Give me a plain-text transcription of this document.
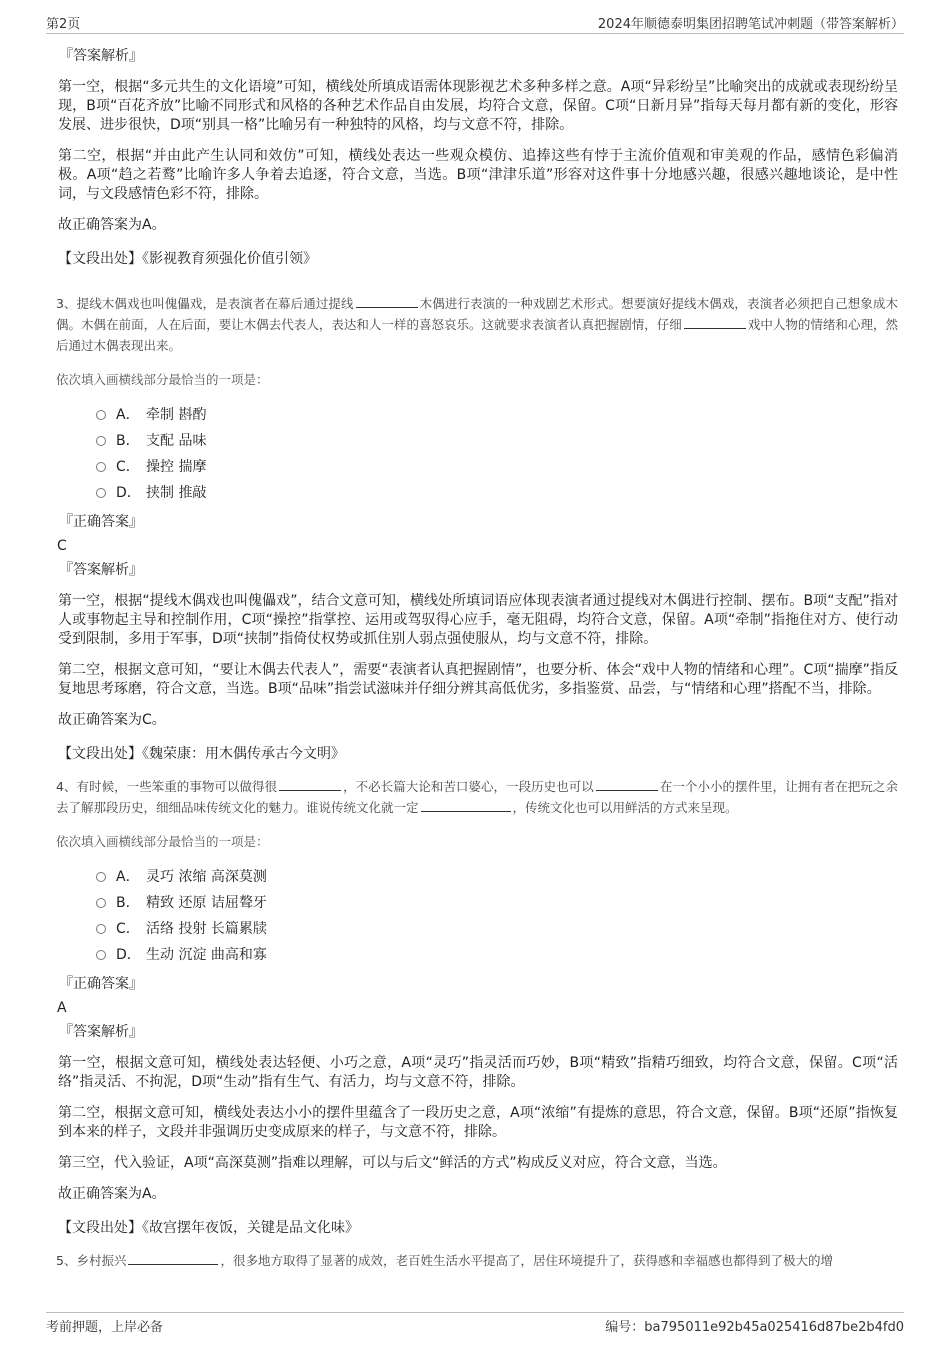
第2页	2024年顺德泰明集团招聘笔试冲刺题（带答案解析）
『答案解析』

第一空，根据“多元共生的文化语境”可知，横线处所填成语需体现影视艺术多种多样之意。A项“异彩纷呈”比喻突出的成就或表现纷纷呈现，B项“百花齐放”比喻不同形式和风格的各种艺术作品自由发展，均符合文意，保留。C项“日新月异”指每天每月都有新的变化，形容发展、进步很快，D项“别具一格”比喻另有一种独特的风格，均与文意不符，排除。

第二空，根据“并由此产生认同和效仿”可知，横线处表达一些观众模仿、追捧这些有悖于主流价值观和审美观的作品，感情色彩偏消极。A项“趋之若鹜”比喻许多人争着去追逐，符合文意，当选。B项“津津乐道”形容对这件事十分地感兴趣，很感兴趣地谈论，是中性词，与文段感情色彩不符，排除。

故正确答案为A。

【文段出处】《影视教育须强化价值引领》

3、提线木偶戏也叫傀儡戏，是表演者在幕后通过提线	木偶进行表演的一种戏剧艺术形式。想要演好提线木偶戏，表演者必须把自己想象成木偶。木偶在前面，人在后面，要让木偶去代表人，表达和人一样的喜怒哀乐。这就要求表演者认真把握剧情，仔细	戏中人物的情绪和心理，然后通过木偶表现出来。

依次填入画横线部分最恰当的一项是：

A． 牵制 斟酌
B． 支配 品味
C． 操控 揣摩
D． 挟制 推敲
『正确答案』
C
『答案解析』

第一空，根据“提线木偶戏也叫傀儡戏”，结合文意可知，横线处所填词语应体现表演者通过提线对木偶进行控制、摆布。B项“支配”指对人或事物起主导和控制作用，C项“操控”指掌控、运用或驾驭得心应手，毫无阻碍，均符合文意，保留。A项“牵制”指拖住对方、使行动受到限制，多用于军事，D项“挟制”指倚仗权势或抓住别人弱点强使服从，均与文意不符，排除。

第二空，根据文意可知，“要让木偶去代表人”，需要“表演者认真把握剧情”，也要分析、体会“戏中人物的情绪和心理”。C项“揣摩”指反复地思考琢磨，符合文意，当选。B项“品味”指尝试滋味并仔细分辨其高低优劣，多指鉴赏、品尝，与“情绪和心理”搭配不当，排除。

故正确答案为C。

【文段出处】《魏荣康：用木偶传承古今文明》

4、有时候，一些笨重的事物可以做得很	，不必长篇大论和苦口婆心，一段历史也可以	在一个小小的摆件里，让拥有者在把玩之余去了解那段历史，细细品味传统文化的魅力。谁说传统文化就一定	，传统文化也可以用鲜活的方式来呈现。

依次填入画横线部分最恰当的一项是：

A． 灵巧 浓缩 高深莫测
B． 精致 还原 诘屈聱牙
C． 活络 投射 长篇累牍
D． 生动 沉淀 曲高和寡
『正确答案』
A
『答案解析』

第一空，根据文意可知，横线处表达轻便、小巧之意，A项“灵巧”指灵活而巧妙，B项“精致”指精巧细致，均符合文意，保留。C项“活络”指灵活、不拘泥，D项“生动”指有生气、有活力，均与文意不符，排除。

第二空，根据文意可知，横线处表达小小的摆件里蕴含了一段历史之意，A项“浓缩”有提炼的意思，符合文意，保留。B项“还原”指恢复到本来的样子，文段并非强调历史变成原来的样子，与文意不符，排除。

第三空，代入验证，A项“高深莫测”指难以理解，可以与后文“鲜活的方式”构成反义对应，符合文意，当选。

故正确答案为A。

【文段出处】《故宫摆年夜饭，关键是品文化味》

5、乡村振兴	，很多地方取得了显著的成效，老百姓生活水平提高了，居住环境提升了，获得感和幸福感也都得到了极大的增

考前押题，上岸必备	编号：ba795011e92b45a025416d87be2b4fd0
